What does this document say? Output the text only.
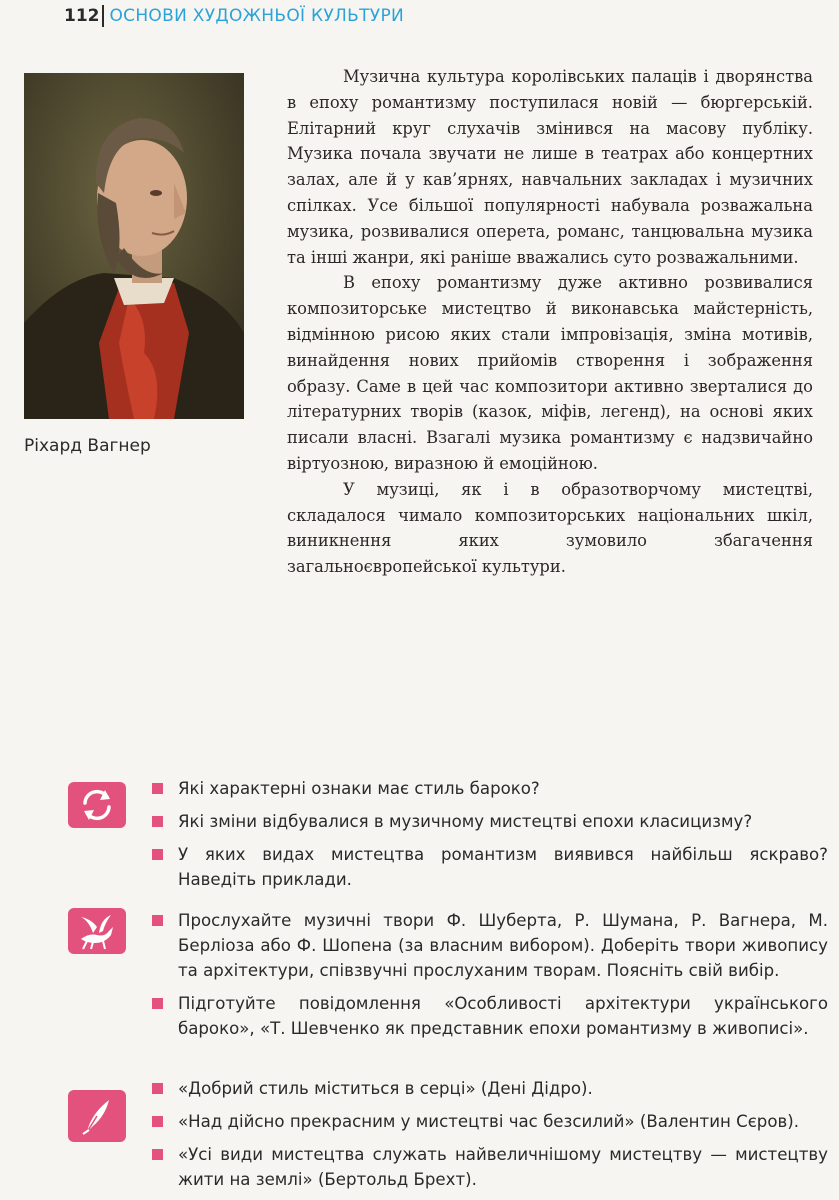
112 ОСНОВИ ХУДОЖНЬОЇ КУЛЬТУРИ
Ріхард Вагнер

Музична культура королівських палаців і дворянства в епоху романтизму поступилася новій — бюргерській. Елітарний круг слухачів змінився на масову публіку. Музика почала звучати не лише в театрах або концертних залах, але й у кав’ярнях, навчальних закладах і музичних спілках. Усе більшої популярності набувала розважальна музика, розвивалися оперета, романс, танцювальна музика та інші жанри, які раніше вважались суто розважальними.

В епоху романтизму дуже активно розвивалися композиторське мистецтво й виконавська майстерність, відмінною рисою яких стали імпровізація, зміна мотивів, винайдення нових прийомів створення і зображення образу. Саме в цей час композитори активно зверталися до літературних творів (казок, міфів, легенд), на основі яких писали власні. Взагалі музика романтизму є надзвичайно віртуозною, виразною й емоційною.

У музиці, як і в образотворчому мистецтві, складалося чимало композиторських національних шкіл, виникнення яких зумовило збагачення загальноєвропейської культури.

Які характерні ознаки має стиль бароко?
Які зміни відбувалися в музичному мистецтві епохи класицизму?
У яких видах мистецтва романтизм виявився найбільш яскраво? Наведіть приклади.
Прослухайте музичні твори Ф. Шуберта, Р. Шумана, Р. Вагнера, М. Берліоза або Ф. Шопена (за власним вибором). Доберіть твори живопису та архітектури, співзвучні прослуханим творам. Поясніть свій вибір.
Підготуйте повідомлення «Особливості архітектури українського бароко», «Т. Шевченко як представник епохи романтизму в живописі».
«Добрий стиль міститься в серці» (Дені Дідро).
«Над дійсно прекрасним у мистецтві час безсилий» (Валентин Сєров).
«Усі види мистецтва служать найвеличнішому мистецтву — мистецтву жити на землі» (Бертольд Брехт).
